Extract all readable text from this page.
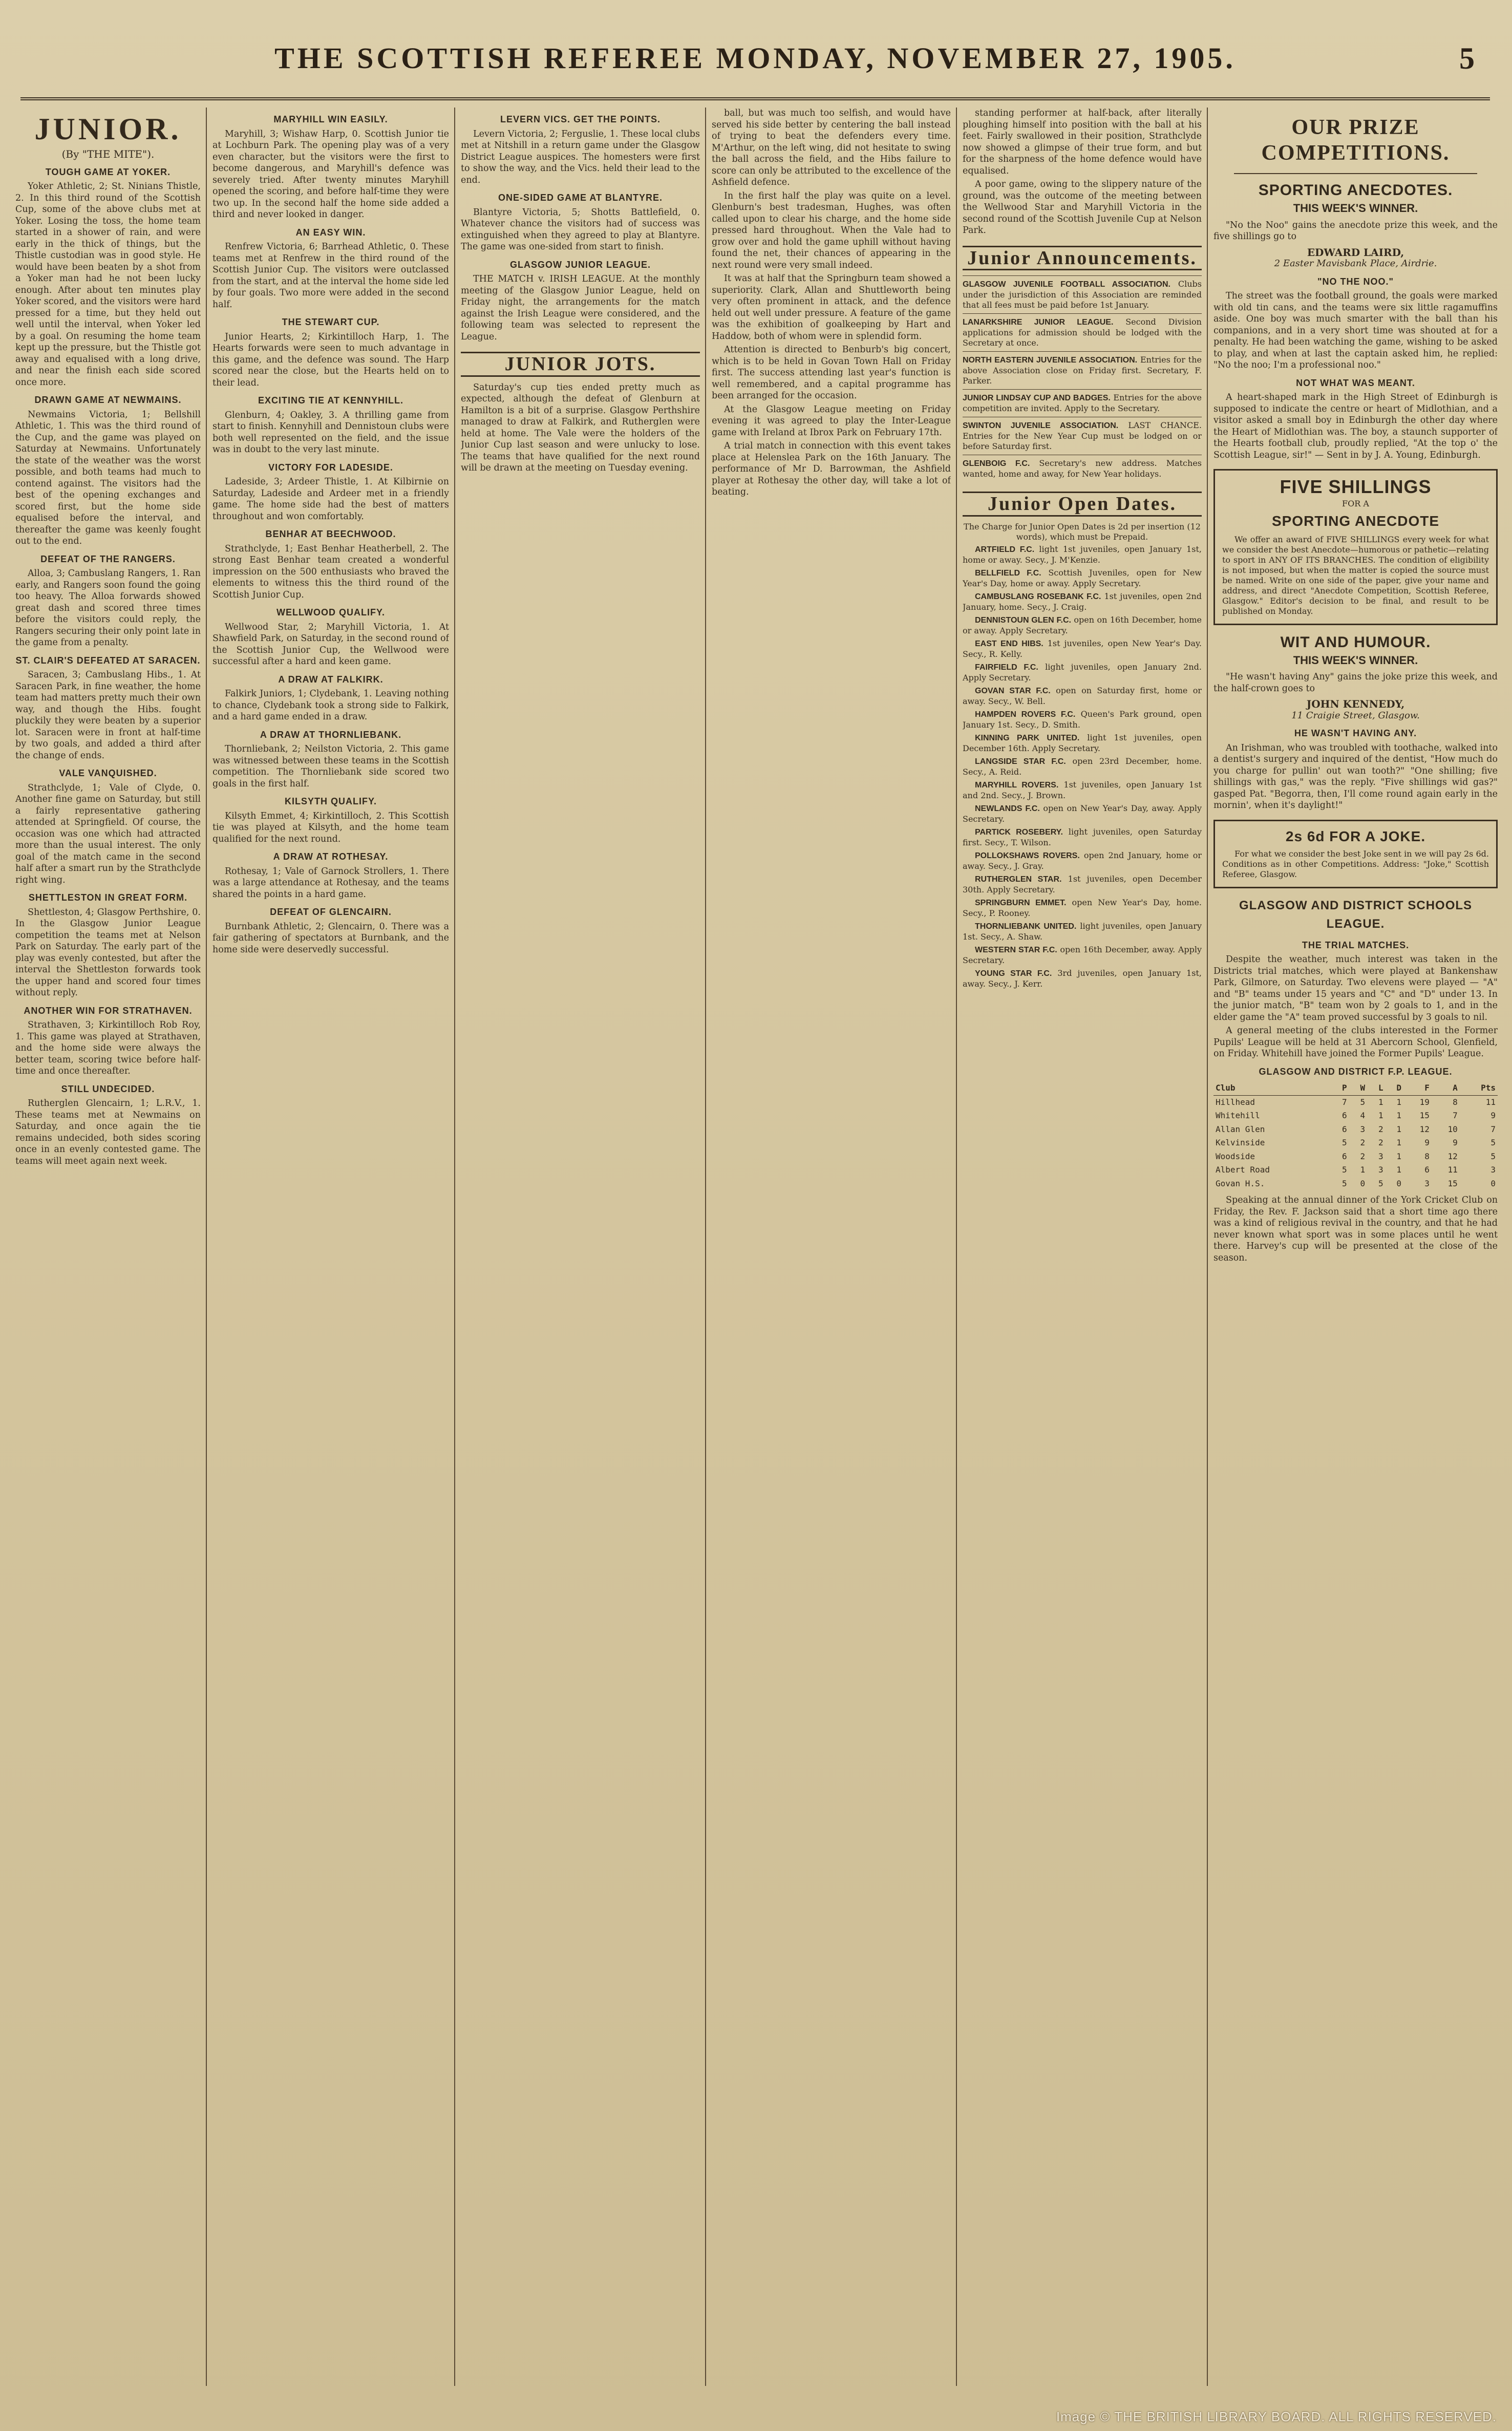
THE SCOTTISH REFEREE MONDAY, NOVEMBER 27, 1905.	5
JUNIOR.
(By "THE MITE").
TOUGH GAME AT YOKER.

Yoker Athletic, 2; St. Ninians Thistle, 2. In this third round of the Scottish Cup, some of the above clubs met at Yoker. Losing the toss, the home team started in a shower of rain, and were early in the thick of things, but the Thistle custodian was in good style. He would have been beaten by a shot from a Yoker man had he not been lucky enough. After about ten minutes play Yoker scored, and the visitors were hard pressed for a time, but they held out well until the interval, when Yoker led by a goal. On resuming the home team kept up the pressure, but the Thistle got away and equalised with a long drive, and near the finish each side scored once more.

DRAWN GAME AT NEWMAINS.

Newmains Victoria, 1; Bellshill Athletic, 1. This was the third round of the Cup, and the game was played on Saturday at Newmains. Unfortunately the state of the weather was the worst possible, and both teams had much to contend against. The visitors had the best of the opening exchanges and scored first, but the home side equalised before the interval, and thereafter the game was keenly fought out to the end.

DEFEAT OF THE RANGERS.

Alloa, 3; Cambuslang Rangers, 1. Ran early, and Rangers soon found the going too heavy. The Alloa forwards showed great dash and scored three times before the visitors could reply, the Rangers securing their only point late in the game from a penalty.

ST. CLAIR'S DEFEATED AT SARACEN.

Saracen, 3; Cambuslang Hibs., 1. At Saracen Park, in fine weather, the home team had matters pretty much their own way, and though the Hibs. fought pluckily they were beaten by a superior lot. Saracen were in front at half-time by two goals, and added a third after the change of ends.

VALE VANQUISHED.

Strathclyde, 1; Vale of Clyde, 0. Another fine game on Saturday, but still a fairly representative gathering attended at Springfield. Of course, the occasion was one which had attracted more than the usual interest. The only goal of the match came in the second half after a smart run by the Strathclyde right wing.

SHETTLESTON IN GREAT FORM.

Shettleston, 4; Glasgow Perthshire, 0. In the Glasgow Junior League competition the teams met at Nelson Park on Saturday. The early part of the play was evenly contested, but after the interval the Shettleston forwards took the upper hand and scored four times without reply.

ANOTHER WIN FOR STRATHAVEN.

Strathaven, 3; Kirkintilloch Rob Roy, 1. This game was played at Strathaven, and the home side were always the better team, scoring twice before half-time and once thereafter.

STILL UNDECIDED.

Rutherglen Glencairn, 1; L.R.V., 1. These teams met at Newmains on Saturday, and once again the tie remains undecided, both sides scoring once in an evenly contested game. The teams will meet again next week.

MARYHILL WIN EASILY.

Maryhill, 3; Wishaw Harp, 0. Scottish Junior tie at Lochburn Park. The opening play was of a very even character, but the visitors were the first to become dangerous, and Maryhill's defence was severely tried. After twenty minutes Maryhill opened the scoring, and before half-time they were two up. In the second half the home side added a third and never looked in danger.

AN EASY WIN.

Renfrew Victoria, 6; Barrhead Athletic, 0. These teams met at Renfrew in the third round of the Scottish Junior Cup. The visitors were outclassed from the start, and at the interval the home side led by four goals. Two more were added in the second half.

THE STEWART CUP.

Junior Hearts, 2; Kirkintilloch Harp, 1. The Hearts forwards were seen to much advantage in this game, and the defence was sound. The Harp scored near the close, but the Hearts held on to their lead.

EXCITING TIE AT KENNYHILL.

Glenburn, 4; Oakley, 3. A thrilling game from start to finish. Kennyhill and Dennistoun clubs were both well represented on the field, and the issue was in doubt to the very last minute.

VICTORY FOR LADESIDE.

Ladeside, 3; Ardeer Thistle, 1. At Kilbirnie on Saturday, Ladeside and Ardeer met in a friendly game. The home side had the best of matters throughout and won comfortably.

BENHAR AT BEECHWOOD.

Strathclyde, 1; East Benhar Heatherbell, 2. The strong East Benhar team created a wonderful impression on the 500 enthusiasts who braved the elements to witness this the third round of the Scottish Junior Cup.

WELLWOOD QUALIFY.

Wellwood Star, 2; Maryhill Victoria, 1. At Shawfield Park, on Saturday, in the second round of the Scottish Junior Cup, the Wellwood were successful after a hard and keen game.

A DRAW AT FALKIRK.

Falkirk Juniors, 1; Clydebank, 1. Leaving nothing to chance, Clydebank took a strong side to Falkirk, and a hard game ended in a draw.

A DRAW AT THORNLIEBANK.

Thornliebank, 2; Neilston Victoria, 2. This game was witnessed between these teams in the Scottish competition. The Thornliebank side scored two goals in the first half.

KILSYTH QUALIFY.

Kilsyth Emmet, 4; Kirkintilloch, 2. This Scottish tie was played at Kilsyth, and the home team qualified for the next round.

A DRAW AT ROTHESAY.

Rothesay, 1; Vale of Garnock Strollers, 1. There was a large attendance at Rothesay, and the teams shared the points in a hard game.

DEFEAT OF GLENCAIRN.

Burnbank Athletic, 2; Glencairn, 0. There was a fair gathering of spectators at Burnbank, and the home side were deservedly successful.

LEVERN VICS. GET THE POINTS.

Levern Victoria, 2; Ferguslie, 1. These local clubs met at Nitshill in a return game under the Glasgow District League auspices. The homesters were first to show the way, and the Vics. held their lead to the end.

ONE-SIDED GAME AT BLANTYRE.

Blantyre Victoria, 5; Shotts Battlefield, 0. Whatever chance the visitors had of success was extinguished when they agreed to play at Blantyre. The game was one-sided from start to finish.

GLASGOW JUNIOR LEAGUE.

THE MATCH v. IRISH LEAGUE. At the monthly meeting of the Glasgow Junior League, held on Friday night, the arrangements for the match against the Irish League were considered, and the following team was selected to represent the League.

JUNIOR JOTS.

Saturday's cup ties ended pretty much as expected, although the defeat of Glenburn at Hamilton is a bit of a surprise. Glasgow Perthshire managed to draw at Falkirk, and Rutherglen were held at home. The Vale were the holders of the Junior Cup last season and were unlucky to lose. The teams that have qualified for the next round will be drawn at the meeting on Tuesday evening.

ball, but was much too selfish, and would have served his side better by centering the ball instead of trying to beat the defenders every time. M'Arthur, on the left wing, did not hesitate to swing the ball across the field, and the Hibs failure to score can only be attributed to the excellence of the Ashfield defence.

In the first half the play was quite on a level. Glenburn's best tradesman, Hughes, was often called upon to clear his charge, and the home side pressed hard throughout. When the Vale had to grow over and hold the game uphill without having found the net, their chances of appearing in the next round were very small indeed.

It was at half that the Springburn team showed a superiority. Clark, Allan and Shuttleworth being very often prominent in attack, and the defence held out well under pressure. A feature of the game was the exhibition of goalkeeping by Hart and Haddow, both of whom were in splendid form.

Attention is directed to Benburb's big concert, which is to be held in Govan Town Hall on Friday first. The success attending last year's function is well remembered, and a capital programme has been arranged for the occasion.

At the Glasgow League meeting on Friday evening it was agreed to play the Inter-League game with Ireland at Ibrox Park on February 17th.

A trial match in connection with this event takes place at Helenslea Park on the 16th January. The performance of Mr D. Barrowman, the Ashfield player at Rothesay the other day, will take a lot of beating.

standing performer at half-back, after literally ploughing himself into position with the ball at his feet. Fairly swallowed in their position, Strathclyde now showed a glimpse of their true form, and but for the sharpness of the home defence would have equalised.

A poor game, owing to the slippery nature of the ground, was the outcome of the meeting between the Wellwood Star and Maryhill Victoria in the second round of the Scottish Juvenile Cup at Nelson Park.

Junior Announcements.
GLASGOW JUVENILE FOOTBALL ASSOCIATION. Clubs under the jurisdiction of this Association are reminded that all fees must be paid before 1st January.
LANARKSHIRE JUNIOR LEAGUE. Second Division applications for admission should be lodged with the Secretary at once.
NORTH EASTERN JUVENILE ASSOCIATION. Entries for the above Association close on Friday first. Secretary, F. Parker.
JUNIOR LINDSAY CUP AND BADGES. Entries for the above competition are invited. Apply to the Secretary.
SWINTON JUVENILE ASSOCIATION. LAST CHANCE. Entries for the New Year Cup must be lodged on or before Saturday first.
GLENBOIG F.C. Secretary's new address. Matches wanted, home and away, for New Year holidays.
Junior Open Dates.

The Charge for Junior Open Dates is 2d per insertion (12 words), which must be Prepaid.

ARTFIELD F.C. light 1st juveniles, open January 1st, home or away. Secy., J. M'Kenzie.

BELLFIELD F.C. Scottish Juveniles, open for New Year's Day, home or away. Apply Secretary.

CAMBUSLANG ROSEBANK F.C. 1st juveniles, open 2nd January, home. Secy., J. Craig.

DENNISTOUN GLEN F.C. open on 16th December, home or away. Apply Secretary.

EAST END HIBS. 1st juveniles, open New Year's Day. Secy., R. Kelly.

FAIRFIELD F.C. light juveniles, open January 2nd. Apply Secretary.

GOVAN STAR F.C. open on Saturday first, home or away. Secy., W. Bell.

HAMPDEN ROVERS F.C. Queen's Park ground, open January 1st. Secy., D. Smith.

KINNING PARK UNITED. light 1st juveniles, open December 16th. Apply Secretary.

LANGSIDE STAR F.C. open 23rd December, home. Secy., A. Reid.

MARYHILL ROVERS. 1st juveniles, open January 1st and 2nd. Secy., J. Brown.

NEWLANDS F.C. open on New Year's Day, away. Apply Secretary.

PARTICK ROSEBERY. light juveniles, open Saturday first. Secy., T. Wilson.

POLLOKSHAWS ROVERS. open 2nd January, home or away. Secy., J. Gray.

RUTHERGLEN STAR. 1st juveniles, open December 30th. Apply Secretary.

SPRINGBURN EMMET. open New Year's Day, home. Secy., P. Rooney.

THORNLIEBANK UNITED. light juveniles, open January 1st. Secy., A. Shaw.

WESTERN STAR F.C. open 16th December, away. Apply Secretary.

YOUNG STAR F.C. 3rd juveniles, open January 1st, away. Secy., J. Kerr.

OUR PRIZE COMPETITIONS.
SPORTING ANECDOTES.
THIS WEEK'S WINNER.

"No the Noo" gains the anecdote prize this week, and the five shillings go to

EDWARD LAIRD,
2 Easter Mavisbank Place, Airdrie.
"NO THE NOO."

The street was the football ground, the goals were marked with old tin cans, and the teams were six little ragamuffins aside. One boy was much smarter with the ball than his companions, and in a very short time was shouted at for a penalty. He had been watching the game, wishing to be asked to play, and when at last the captain asked him, he replied: "No the noo; I'm a professional noo."

NOT WHAT WAS MEANT.

A heart-shaped mark in the High Street of Edinburgh is supposed to indicate the centre or heart of Midlothian, and a visitor asked a small boy in Edinburgh the other day where the Heart of Midlothian was. The boy, a staunch supporter of the Hearts football club, proudly replied, "At the top o' the Scottish League, sir!" — Sent in by J. A. Young, Edinburgh.

FIVE SHILLINGS
FOR A
SPORTING ANECDOTE

We offer an award of FIVE SHILLINGS every week for what we consider the best Anecdote—humorous or pathetic—relating to sport in ANY OF ITS BRANCHES. The condition of eligibility is not imposed, but when the matter is copied the source must be named. Write on one side of the paper, give your name and address, and direct "Anecdote Competition, Scottish Referee, Glasgow." Editor's decision to be final, and result to be published on Monday.

WIT AND HUMOUR.
THIS WEEK'S WINNER.

"He wasn't having Any" gains the joke prize this week, and the half-crown goes to

JOHN KENNEDY,
11 Craigie Street, Glasgow.
HE WASN'T HAVING ANY.

An Irishman, who was troubled with toothache, walked into a dentist's surgery and inquired of the dentist, "How much do you charge for pullin' out wan tooth?" "One shilling; five shillings with gas," was the reply. "Five shillings wid gas?" gasped Pat. "Begorra, then, I'll come round again early in the mornin', when it's daylight!"

2s 6d FOR A JOKE.

For what we consider the best Joke sent in we will pay 2s 6d. Conditions as in other Competitions. Address: "Joke," Scottish Referee, Glasgow.

GLASGOW AND DISTRICT SCHOOLS LEAGUE.
THE TRIAL MATCHES.

Despite the weather, much interest was taken in the Districts trial matches, which were played at Bankenshaw Park, Gilmore, on Saturday. Two elevens were played — "A" and "B" teams under 15 years and "C" and "D" under 13. In the junior match, "B" team won by 2 goals to 1, and in the elder game the "A" team proved successful by 3 goals to nil.

A general meeting of the clubs interested in the Former Pupils' League will be held at 31 Abercorn School, Glenfield, on Friday. Whitehill have joined the Former Pupils' League.

GLASGOW AND DISTRICT F.P. LEAGUE.
Club	P	W	L	D	F	A	Pts
Hillhead	7	5	1	1	19	8	11
Whitehill	6	4	1	1	15	7	9
Allan Glen	6	3	2	1	12	10	7
Kelvinside	5	2	2	1	9	9	5
Woodside	6	2	3	1	8	12	5
Albert Road	5	1	3	1	6	11	3
Govan H.S.	5	0	5	0	3	15	0

Speaking at the annual dinner of the York Cricket Club on Friday, the Rev. F. Jackson said that a short time ago there was a kind of religious revival in the country, and that he had never known what sport was in some places until he went there. Harvey's cup will be presented at the close of the season.

Image © THE BRITISH LIBRARY BOARD. ALL RIGHTS RESERVED.
